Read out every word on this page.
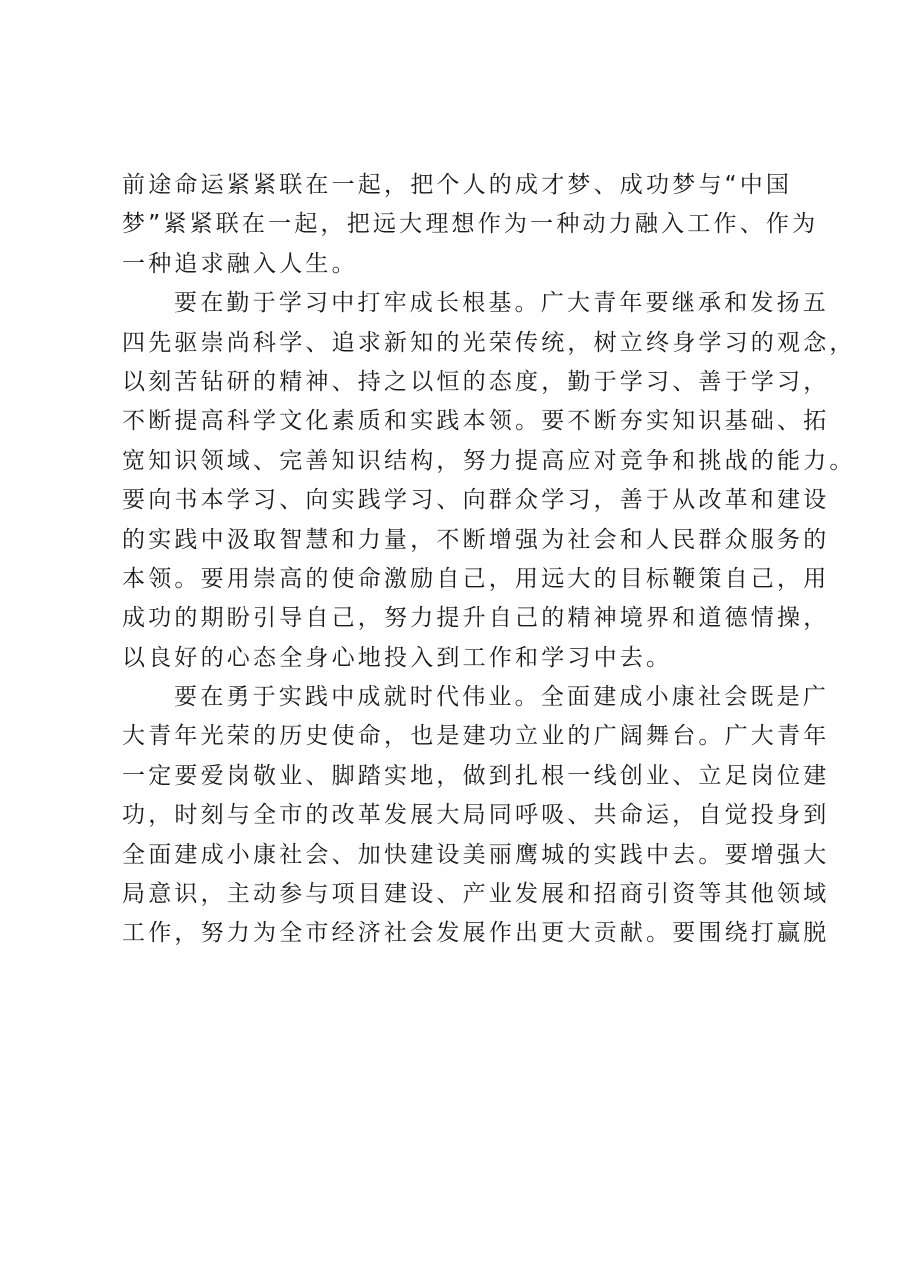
前途命运紧紧联在一起，把个人的成才梦、成功梦与“中国
梦”紧紧联在一起，把远大理想作为一种动力融入工作、作为
一种追求融入人生。
要在勤于学习中打牢成长根基。广大青年要继承和发扬五
四先驱崇尚科学、追求新知的光荣传统，树立终身学习的观念，
以刻苦钻研的精神、持之以恒的态度，勤于学习、善于学习，
不断提高科学文化素质和实践本领。要不断夯实知识基础、拓
宽知识领域、完善知识结构，努力提高应对竞争和挑战的能力。
要向书本学习、向实践学习、向群众学习，善于从改革和建设
的实践中汲取智慧和力量，不断增强为社会和人民群众服务的
本领。要用崇高的使命激励自己，用远大的目标鞭策自己，用
成功的期盼引导自己，努力提升自己的精神境界和道德情操，
以良好的心态全身心地投入到工作和学习中去。
要在勇于实践中成就时代伟业。全面建成小康社会既是广
大青年光荣的历史使命，也是建功立业的广阔舞台。广大青年
一定要爱岗敬业、脚踏实地，做到扎根一线创业、立足岗位建
功，时刻与全市的改革发展大局同呼吸、共命运，自觉投身到
全面建成小康社会、加快建设美丽鹰城的实践中去。要增强大
局意识，主动参与项目建设、产业发展和招商引资等其他领域
工作，努力为全市经济社会发展作出更大贡献。要围绕打赢脱
